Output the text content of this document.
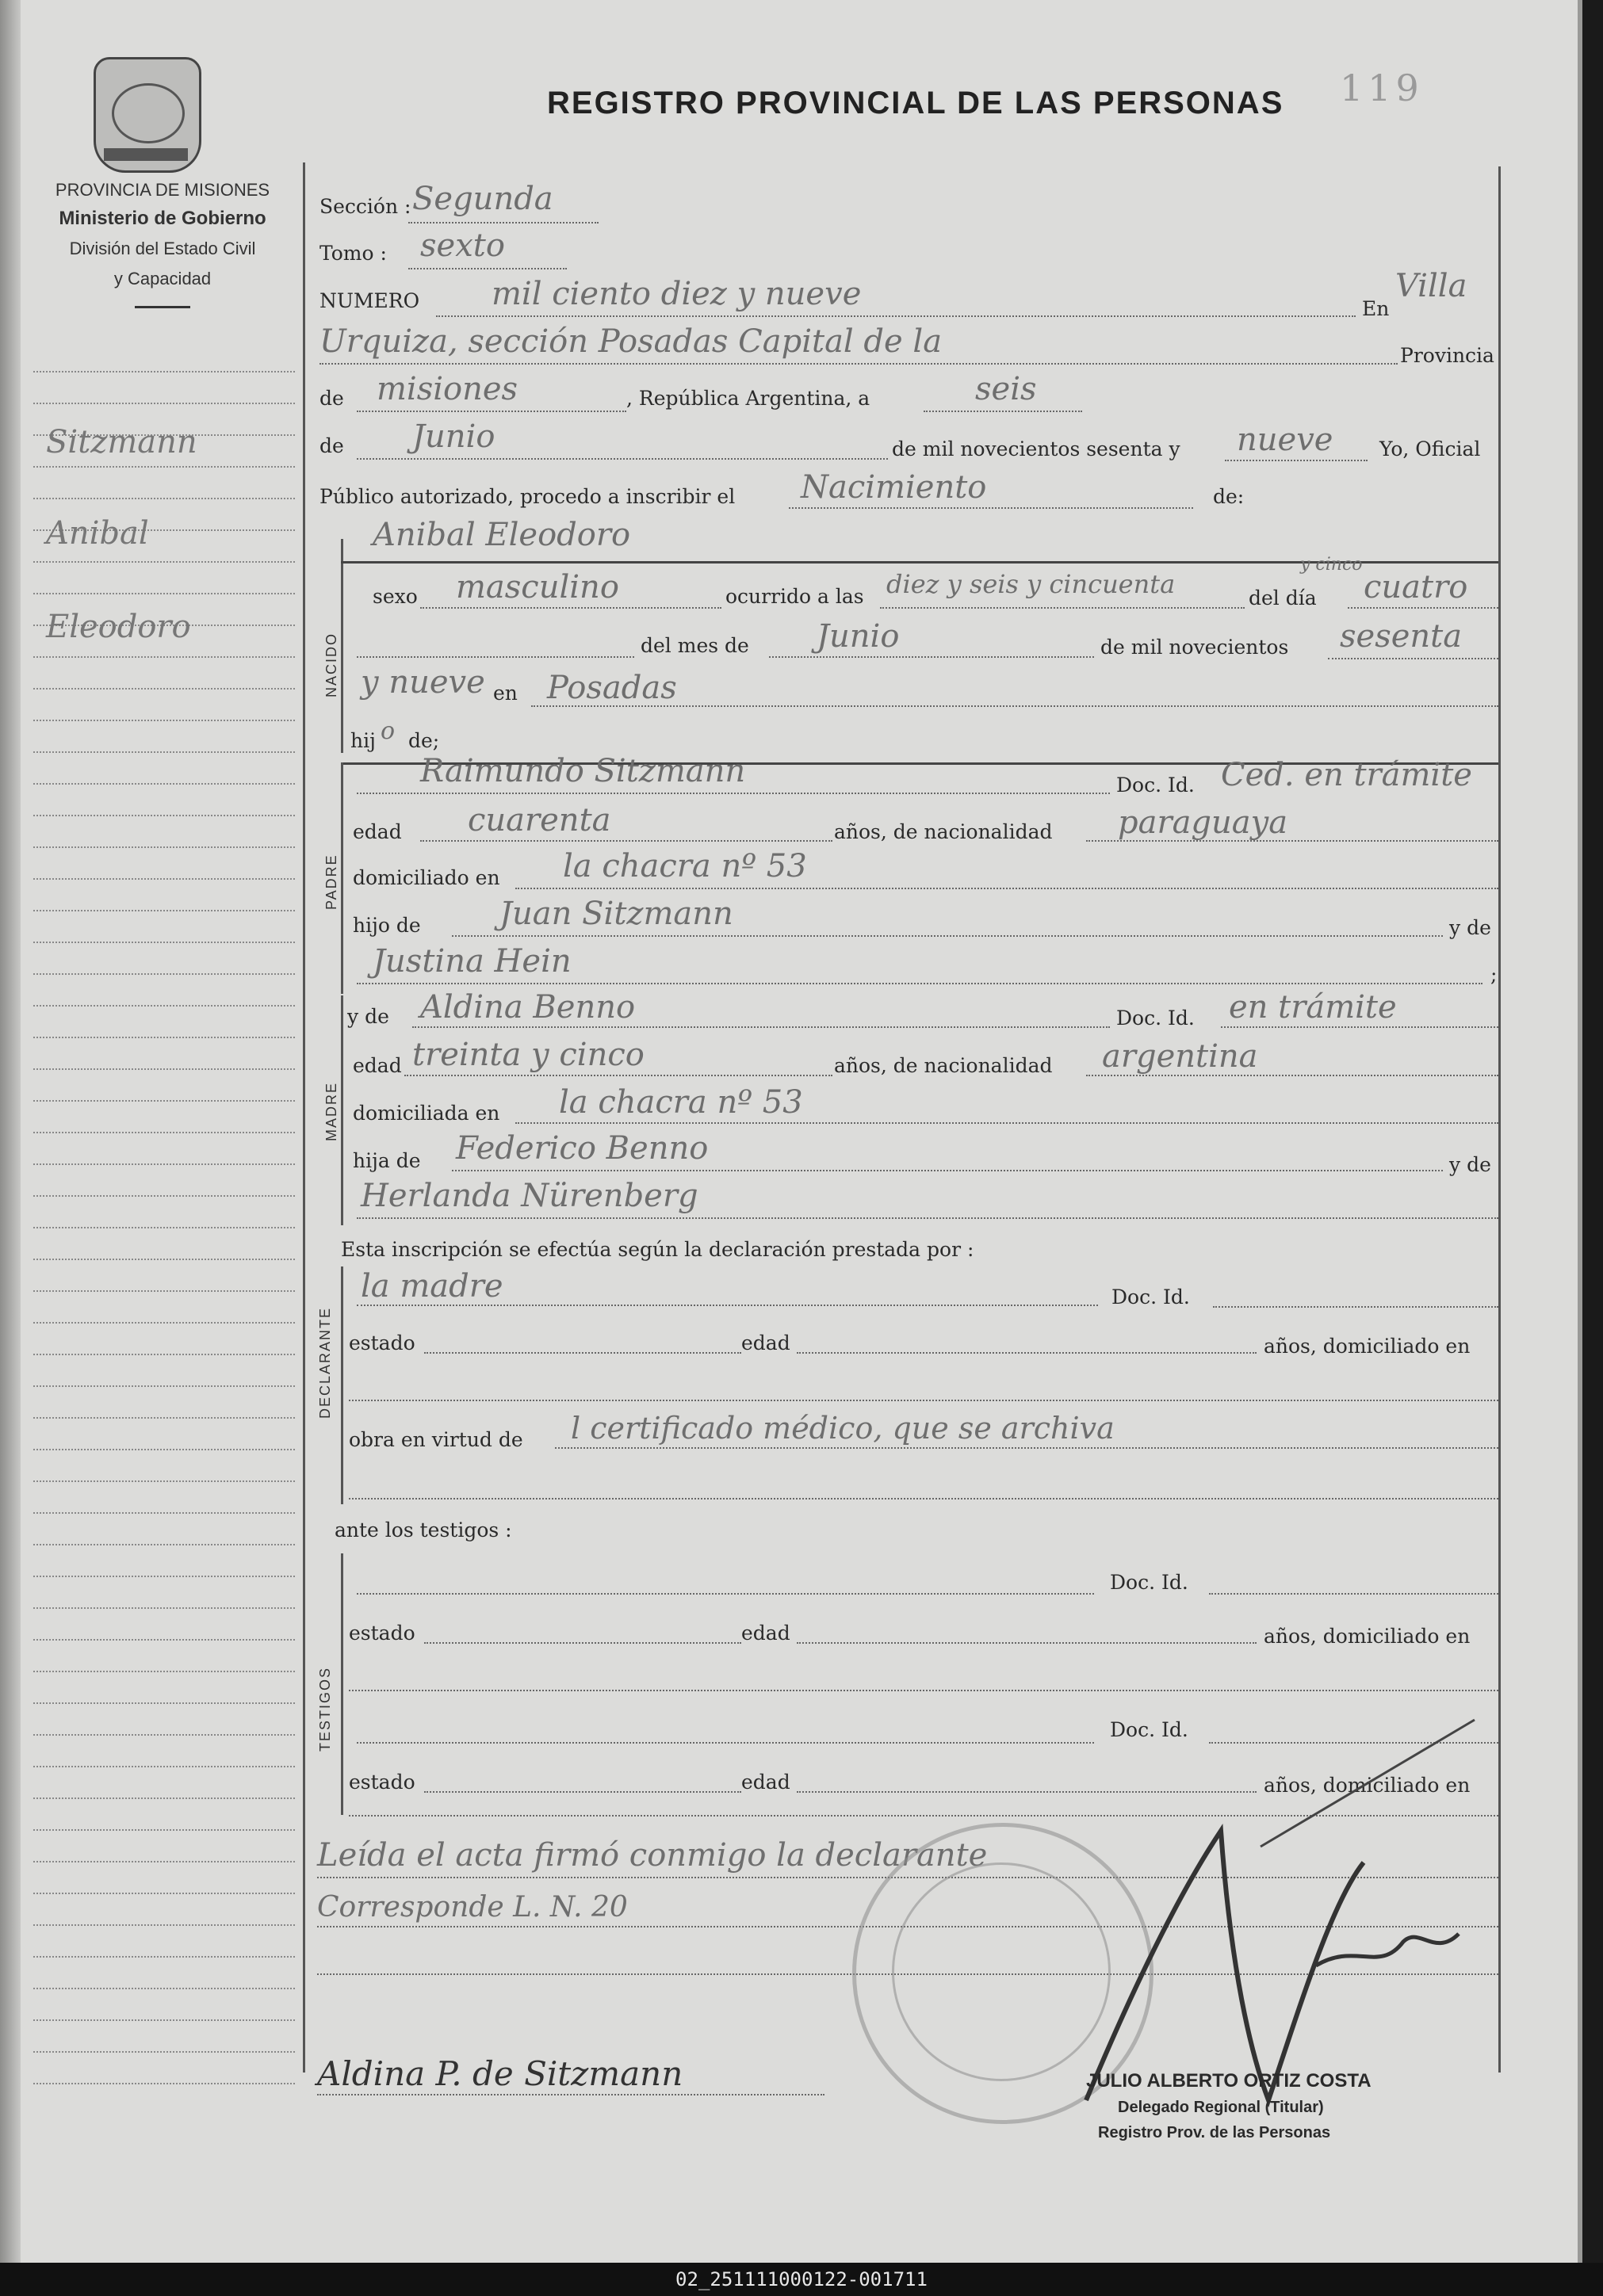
REGISTRO PROVINCIAL DE LAS PERSONAS 119
PROVINCIA DE MISIONES
Ministerio de Gobierno
División del Estado Civil
y Capacidad
Sitzmann
Anibal
Eleodoro
Sección : Segunda
Tomo : sexto
NUMERO mil ciento diez y nueve	En
Villa
Urquiza, sección Posadas Capital de la	Provincia
de misiones	, República Argentina, a	seis
de Junio	de mil novecientos sesenta y nueve Yo, Oficial
Público autorizado, procedo a inscribir el Nacimiento	de:
NACIDO
Anibal Eleodoro
sexo masculino	ocurrido a las diez y seis y cincuenta
y cinco
del día cuatro
del mes de Junio	de mil novecientos sesenta
y nueve en Posadas
hij o de;
PADRE
Raimundo Sitzmann	Doc. Id. Ced. en trámite
edad cuarenta	años, de nacionalidad paraguaya
domiciliado en la chacra nº 53
hijo de Juan Sitzmann	y de
Justina Hein	;
MADRE
y de Aldina Benno	Doc. Id. en trámite
edad treinta y cinco	años, de nacionalidad argentina
domiciliada en la chacra nº 53
hija de Federico Benno	y de
Herlanda Nürenberg
Esta inscripción se efectúa según la declaración prestada por :
DECLARANTE
la madre	Doc. Id.
estado	edad	años, domiciliado en
obra en virtud de l certificado médico, que se archiva
ante los testigos :
TESTIGOS
Doc. Id.
estado	edad	años, domiciliado en
Doc. Id.
estado	edad	años, domiciliado en
Leída el acta firmó conmigo la declarante
Corresponde L. N. 20
Aldina P. de Sitzmann	JULIO ALBERTO ORTIZ COSTA
Delegado Regional (Titular)
Registro Prov. de las Personas
02_251111000122-001711
